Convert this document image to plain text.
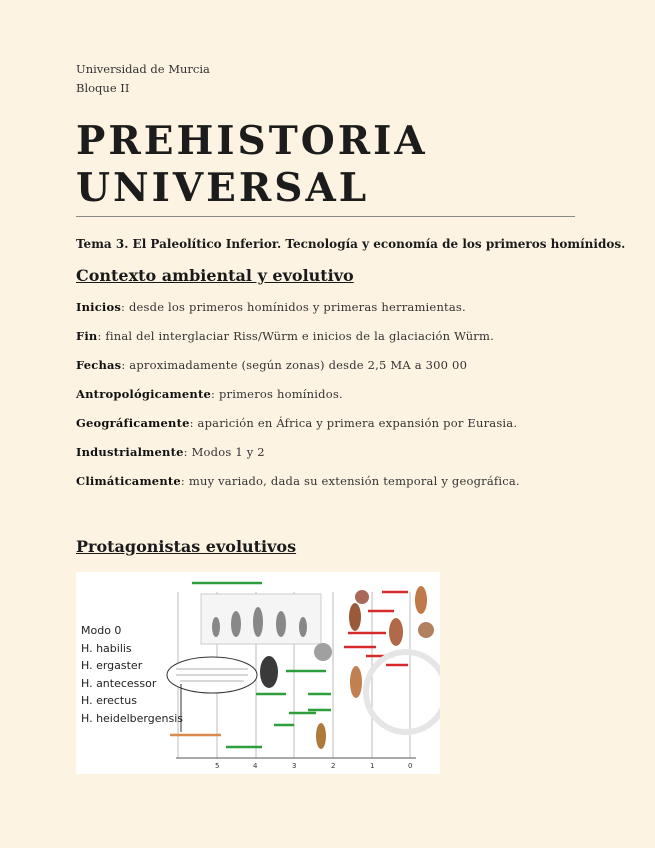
Universidad de Murcia
Bloque II
PREHISTORIA
UNIVERSAL
Tema 3. El Paleolítico Inferior. Tecnología y economía de los primeros homínidos.
Contexto ambiental y evolutivo
Inicios: desde los primeros homínidos y primeras herramientas.
Fin: final del interglaciar Riss/Würm e inicios de la glaciación Würm.
Fechas: aproximadamente (según zonas) desde 2,5 MA a 300 00
Antropológicamente: primeros homínidos.
Geográficamente: aparición en África y primera expansión por Eurasia.
Industrialmente: Modos 1 y 2
Climáticamente: muy variado, dada su extensión temporal y geográfica.
Protagonistas evolutivos
5	4	3	2	1	0
Modo 0
H. habilis
H. ergaster
H. antecessor
H. erectus
H. heidelbergensis
